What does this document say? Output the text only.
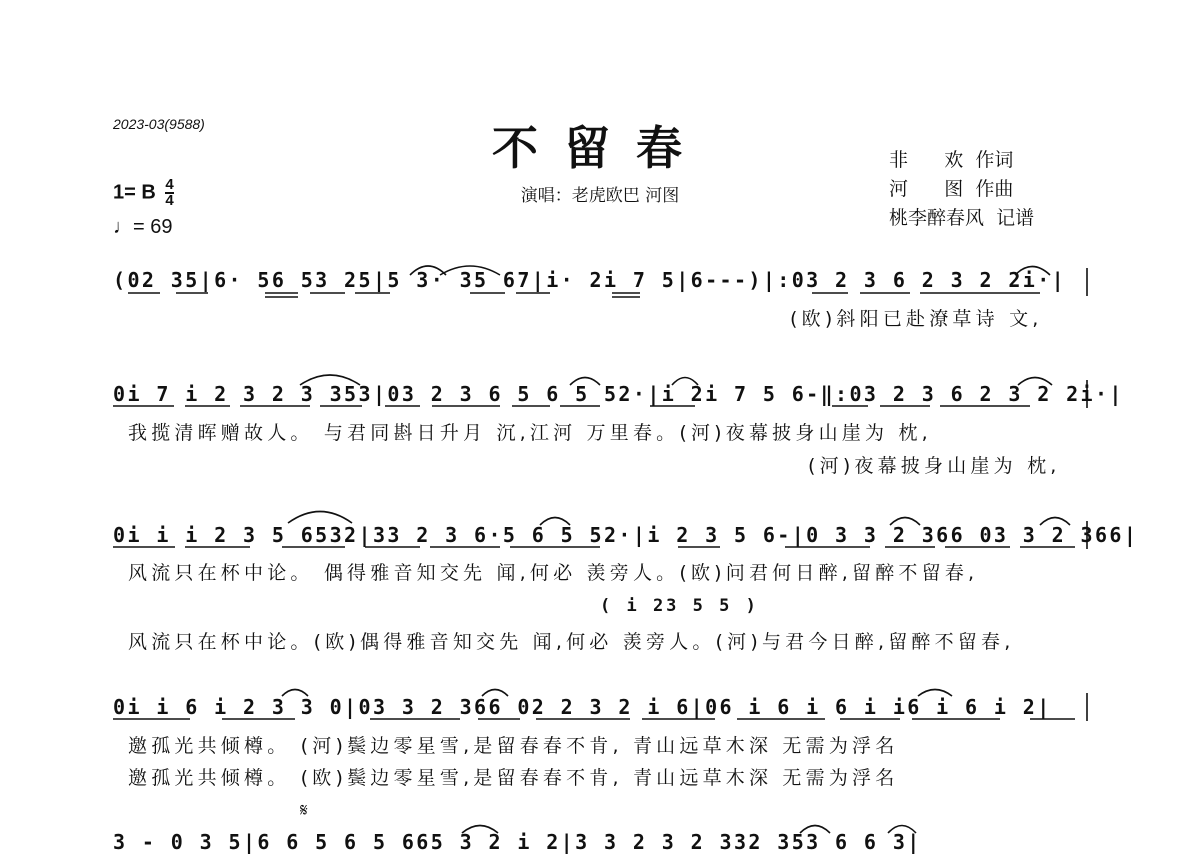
2023-03(9588)	不留春
演唱：老虎欧巴 河图
1= B $\frac{4}{4}$
♩= 69
非      欢  作词
河      图  作曲
桃李醉春风  记谱
(02 35|6· 56 53 25|5 3· 35 67|i· 2i 7 5|6---)|:03 2 3 6 2 3 2 2i·|
(欧)斜阳已赴潦草诗 文,
0i 7 i 2 3 2 3 353|03 2 3 6 5 6 5 52·|i 2i 7 5 6-‖:03 2 3 6 2 3 2 2i·|
我揽清晖赠故人。 与君同斟日升月 沉,江河 万里春。(河)夜幕披身山崖为 枕,
(河)夜幕披身山崖为 枕,
0i i i 2 3 5 6532|33 2 3 6·5 6 5 52·|i 2 3 5 6-|0 3 3 2 366 03 3 2 366|
风流只在杯中论。 偶得雅音知交先 闻,何必 羡旁人。(欧)问君何日醉,留醉不留春,
( i 23 5 5 )
风流只在杯中论。(欧)偶得雅音知交先 闻,何必 羡旁人。(河)与君今日醉,留醉不留春,
0i i 6 i 2 3 3 0|03 3 2 366 02 2 3 2 i 6|06 i 6 i 6 i i6 i 6 i 2|
邀孤光共倾樽。 (河)鬓边零星雪,是留春春不肯, 青山远草木深 无需为浮名
邀孤光共倾樽。 (欧)鬓边零星雪,是留春春不肯, 青山远草木深 无需为浮名
𝄋
3 - 0 3 5|6 6 5 6 5 665 3 2 i 2|3 3 2 3 2 332 353 6 6 3|
